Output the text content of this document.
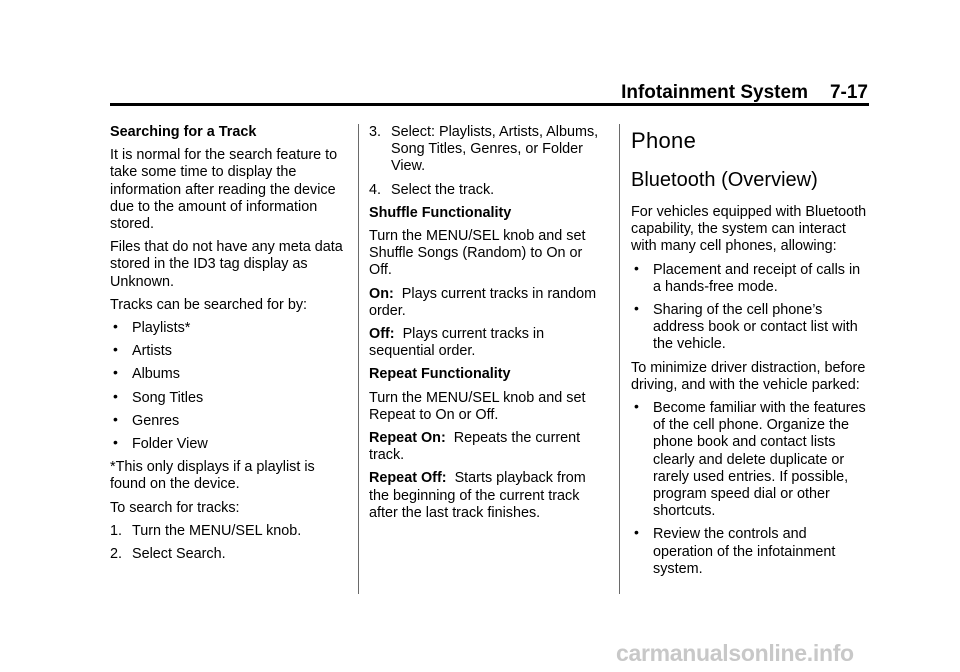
Infotainment System 7-17

Searching for a Track

It is normal for the search feature to take some time to display the information after reading the device due to the amount of information stored.

Files that do not have any meta data stored in the ID3 tag display as Unknown.

Tracks can be searched for by:

• Playlists*
• Artists
• Albums
• Song Titles
• Genres
• Folder View

*This only displays if a playlist is found on the device.

To search for tracks:

1. Turn the MENU/SEL knob.
2. Select Search.
3. Select: Playlists, Artists, Albums, Song Titles, Genres, or Folder View.
4. Select the track.

Shuffle Functionality

Turn the MENU/SEL knob and set Shuffle Songs (Random) to On or Off.

On: Plays current tracks in random order.

Off: Plays current tracks in sequential order.

Repeat Functionality

Turn the MENU/SEL knob and set Repeat to On or Off.

Repeat On: Repeats the current track.

Repeat Off: Starts playback from the beginning of the current track after the last track finishes.

Phone
Bluetooth (Overview)

For vehicles equipped with Bluetooth capability, the system can interact with many cell phones, allowing:

• Placement and receipt of calls in a hands-free mode.
• Sharing of the cell phone’s address book or contact list with the vehicle.

To minimize driver distraction, before driving, and with the vehicle parked:

• Become familiar with the features of the cell phone. Organize the phone book and contact lists clearly and delete duplicate or rarely used entries. If possible, program speed dial or other shortcuts.
• Review the controls and operation of the infotainment system.
carmanualsonline.info
